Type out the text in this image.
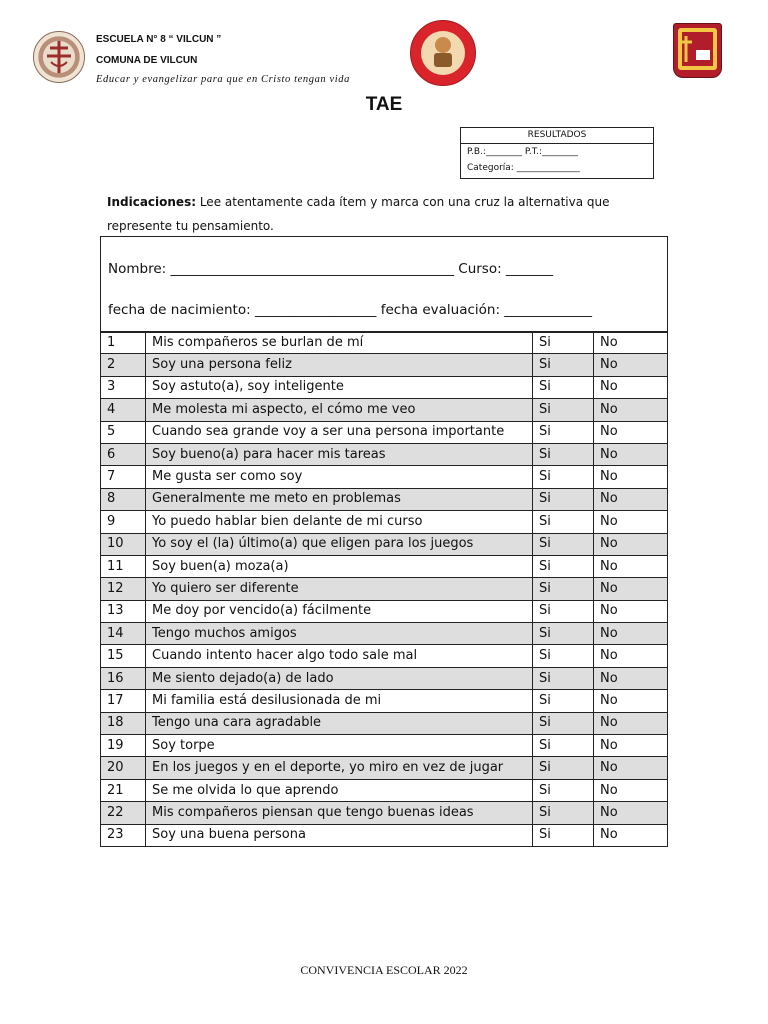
ESCUELA N° 8 “ VILCUN ”
COMUNA DE VILCUN
Educar y evangelizar para que en Cristo tengan vida
TAE
RESULTADOS
P.B.:________ P.T.:________
Categoría: ______________
Indicaciones: Lee atentamente cada ítem y marca con una cruz la alternativa que represente tu pensamiento.
Nombre: __________________________________________ Curso: _______
fecha de nacimiento: __________________ fecha evaluación: _____________
1	Mis compañeros se burlan de mí	Si	No
2	Soy una persona feliz	Si	No
3	Soy astuto(a), soy inteligente	Si	No
4	Me molesta mi aspecto, el cómo me veo	Si	No
5	Cuando sea grande voy a ser una persona importante	Si	No
6	Soy bueno(a) para hacer mis tareas	Si	No
7	Me gusta ser como soy	Si	No
8	Generalmente me meto en problemas	Si	No
9	Yo puedo hablar bien delante de mi curso	Si	No
10	Yo soy el (la) último(a) que eligen para los juegos	Si	No
11	Soy buen(a) moza(a)	Si	No
12	Yo quiero ser diferente	Si	No
13	Me doy por vencido(a) fácilmente	Si	No
14	Tengo muchos amigos	Si	No
15	Cuando intento hacer algo todo sale mal	Si	No
16	Me siento dejado(a) de lado	Si	No
17	Mi familia está desilusionada de mi	Si	No
18	Tengo una cara agradable	Si	No
19	Soy torpe	Si	No
20	En los juegos y en el deporte, yo miro en vez de jugar	Si	No
21	Se me olvida lo que aprendo	Si	No
22	Mis compañeros piensan que tengo buenas ideas	Si	No
23	Soy una buena persona	Si	No
CONVIVENCIA ESCOLAR 2022
